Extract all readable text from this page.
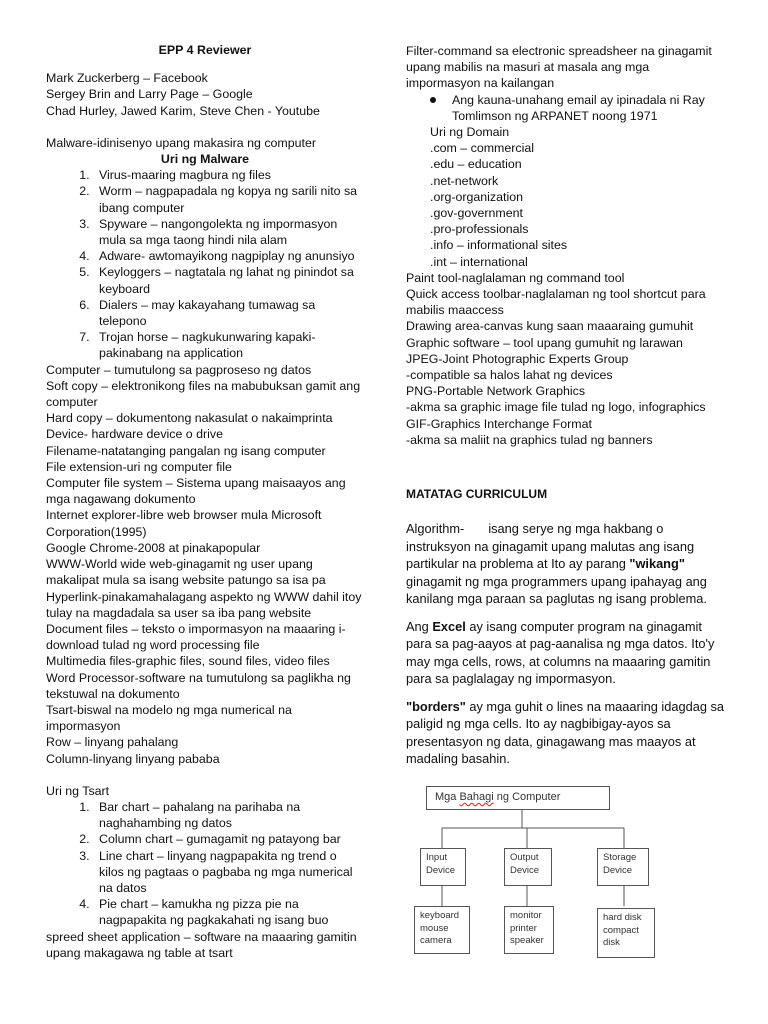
EPP 4 Reviewer
Mark Zuckerberg – Facebook
Sergey Brin and Larry Page – Google
Chad Hurley, Jawed Karim, Steve Chen - Youtube
Malware-idinisenyo upang makasira ng computer
Uri ng Malware
1. Virus-maaring magbura ng files
2. Worm – nagpapadala ng kopya ng sarili nito sa ibang computer
3. Spyware – nangongolekta ng impormasyon mula sa mga taong hindi nila alam
4. Adware- awtomayikong nagpiplay ng anunsiyo
5. Keyloggers – nagtatala ng lahat ng pinindot sa keyboard
6. Dialers – may kakayahang tumawag sa telepono
7. Trojan horse – nagkukunwaring kapaki-pakinabang na application
Computer – tumutulong sa pagproseso ng datos
Soft copy – elektronikong files na mabubuksan gamit ang computer
Hard copy – dokumentong nakasulat o nakaimprinta
Device- hardware device o drive
Filename-natatanging pangalan ng isang computer
File extension-uri ng computer file
Computer file system – Sistema upang maisaayos ang mga nagawang dokumento
Internet explorer-libre web browser mula Microsoft Corporation(1995)
Google Chrome-2008 at pinakapopular
WWW-World wide web-ginagamit ng user upang makalipat mula sa isang website patungo sa isa pa
Hyperlink-pinakamahalagang aspekto ng WWW dahil itoy tulay na magdadala sa user sa iba pang website
Document files – teksto o impormasyon na maaaring i-download tulad ng word processing file
Multimedia files-graphic files, sound files, video files
Word Processor-software na tumutulong sa paglikha ng tekstuwal na dokumento
Tsart-biswal na modelo ng mga numerical na impormasyon
Row – linyang pahalang
Column-linyang linyang pababa
Uri ng Tsart
1. Bar chart – pahalang na parihaba na naghahambing ng datos
2. Column chart – gumagamit ng patayong bar
3. Line chart – linyang nagpapakita ng trend o kilos ng pagtaas o pagbaba ng mga numerical na datos
4. Pie chart – kamukha ng pizza pie na nagpapakita ng pagkakahati ng isang buo
spreed sheet application – software na maaaring gamitin upang makagawa ng table at tsart
Filter-command sa electronic spreadsheer na ginagamit upang mabilis na masuri at masala ang mga impormasyon na kailangan
Ang kauna-unahang email ay ipinadala ni Ray Tomlimson ng ARPANET noong 1971
Uri ng Domain
.com – commercial
.edu – education
.net-network
.org-organization
.gov-government
.pro-professionals
.info – informational sites
.int – international
Paint tool-naglalaman ng command tool
Quick access toolbar-naglalaman ng tool shortcut para mabilis maaccess
Drawing area-canvas kung saan maaaraing gumuhit
Graphic software – tool upang gumuhit ng larawan
JPEG-Joint Photographic Experts Group
-compatible sa halos lahat ng devices
PNG-Portable Network Graphics
-akma sa graphic image file tulad ng logo, infographics
GIF-Graphics Interchange Format
-akma sa maliit na graphics tulad ng banners
MATATAG CURRICULUM

Algorithm- isang serye ng mga hakbang o instruksyon na ginagamit upang malutas ang isang partikular na problema at Ito ay parang "wikang" ginagamit ng mga programmers upang ipahayag ang kanilang mga paraan sa paglutas ng isang problema.

Ang Excel ay isang computer program na ginagamit para sa pag-aayos at pag-aanalisa ng mga datos. Ito'y may mga cells, rows, at columns na maaaring gamitin para sa paglalagay ng impormasyon.

"borders" ay mga guhit o lines na maaaring idagdag sa paligid ng mga cells. Ito ay nagbibigay-ayos sa presentasyon ng data, ginagawang mas maayos at madaling basahin.

Mga Bahagi ng Computer
Input
Device
Output
Device
Storage
Device
keyboard
mouse
camera
monitor
printer
speaker
hard disk
compact
disk
